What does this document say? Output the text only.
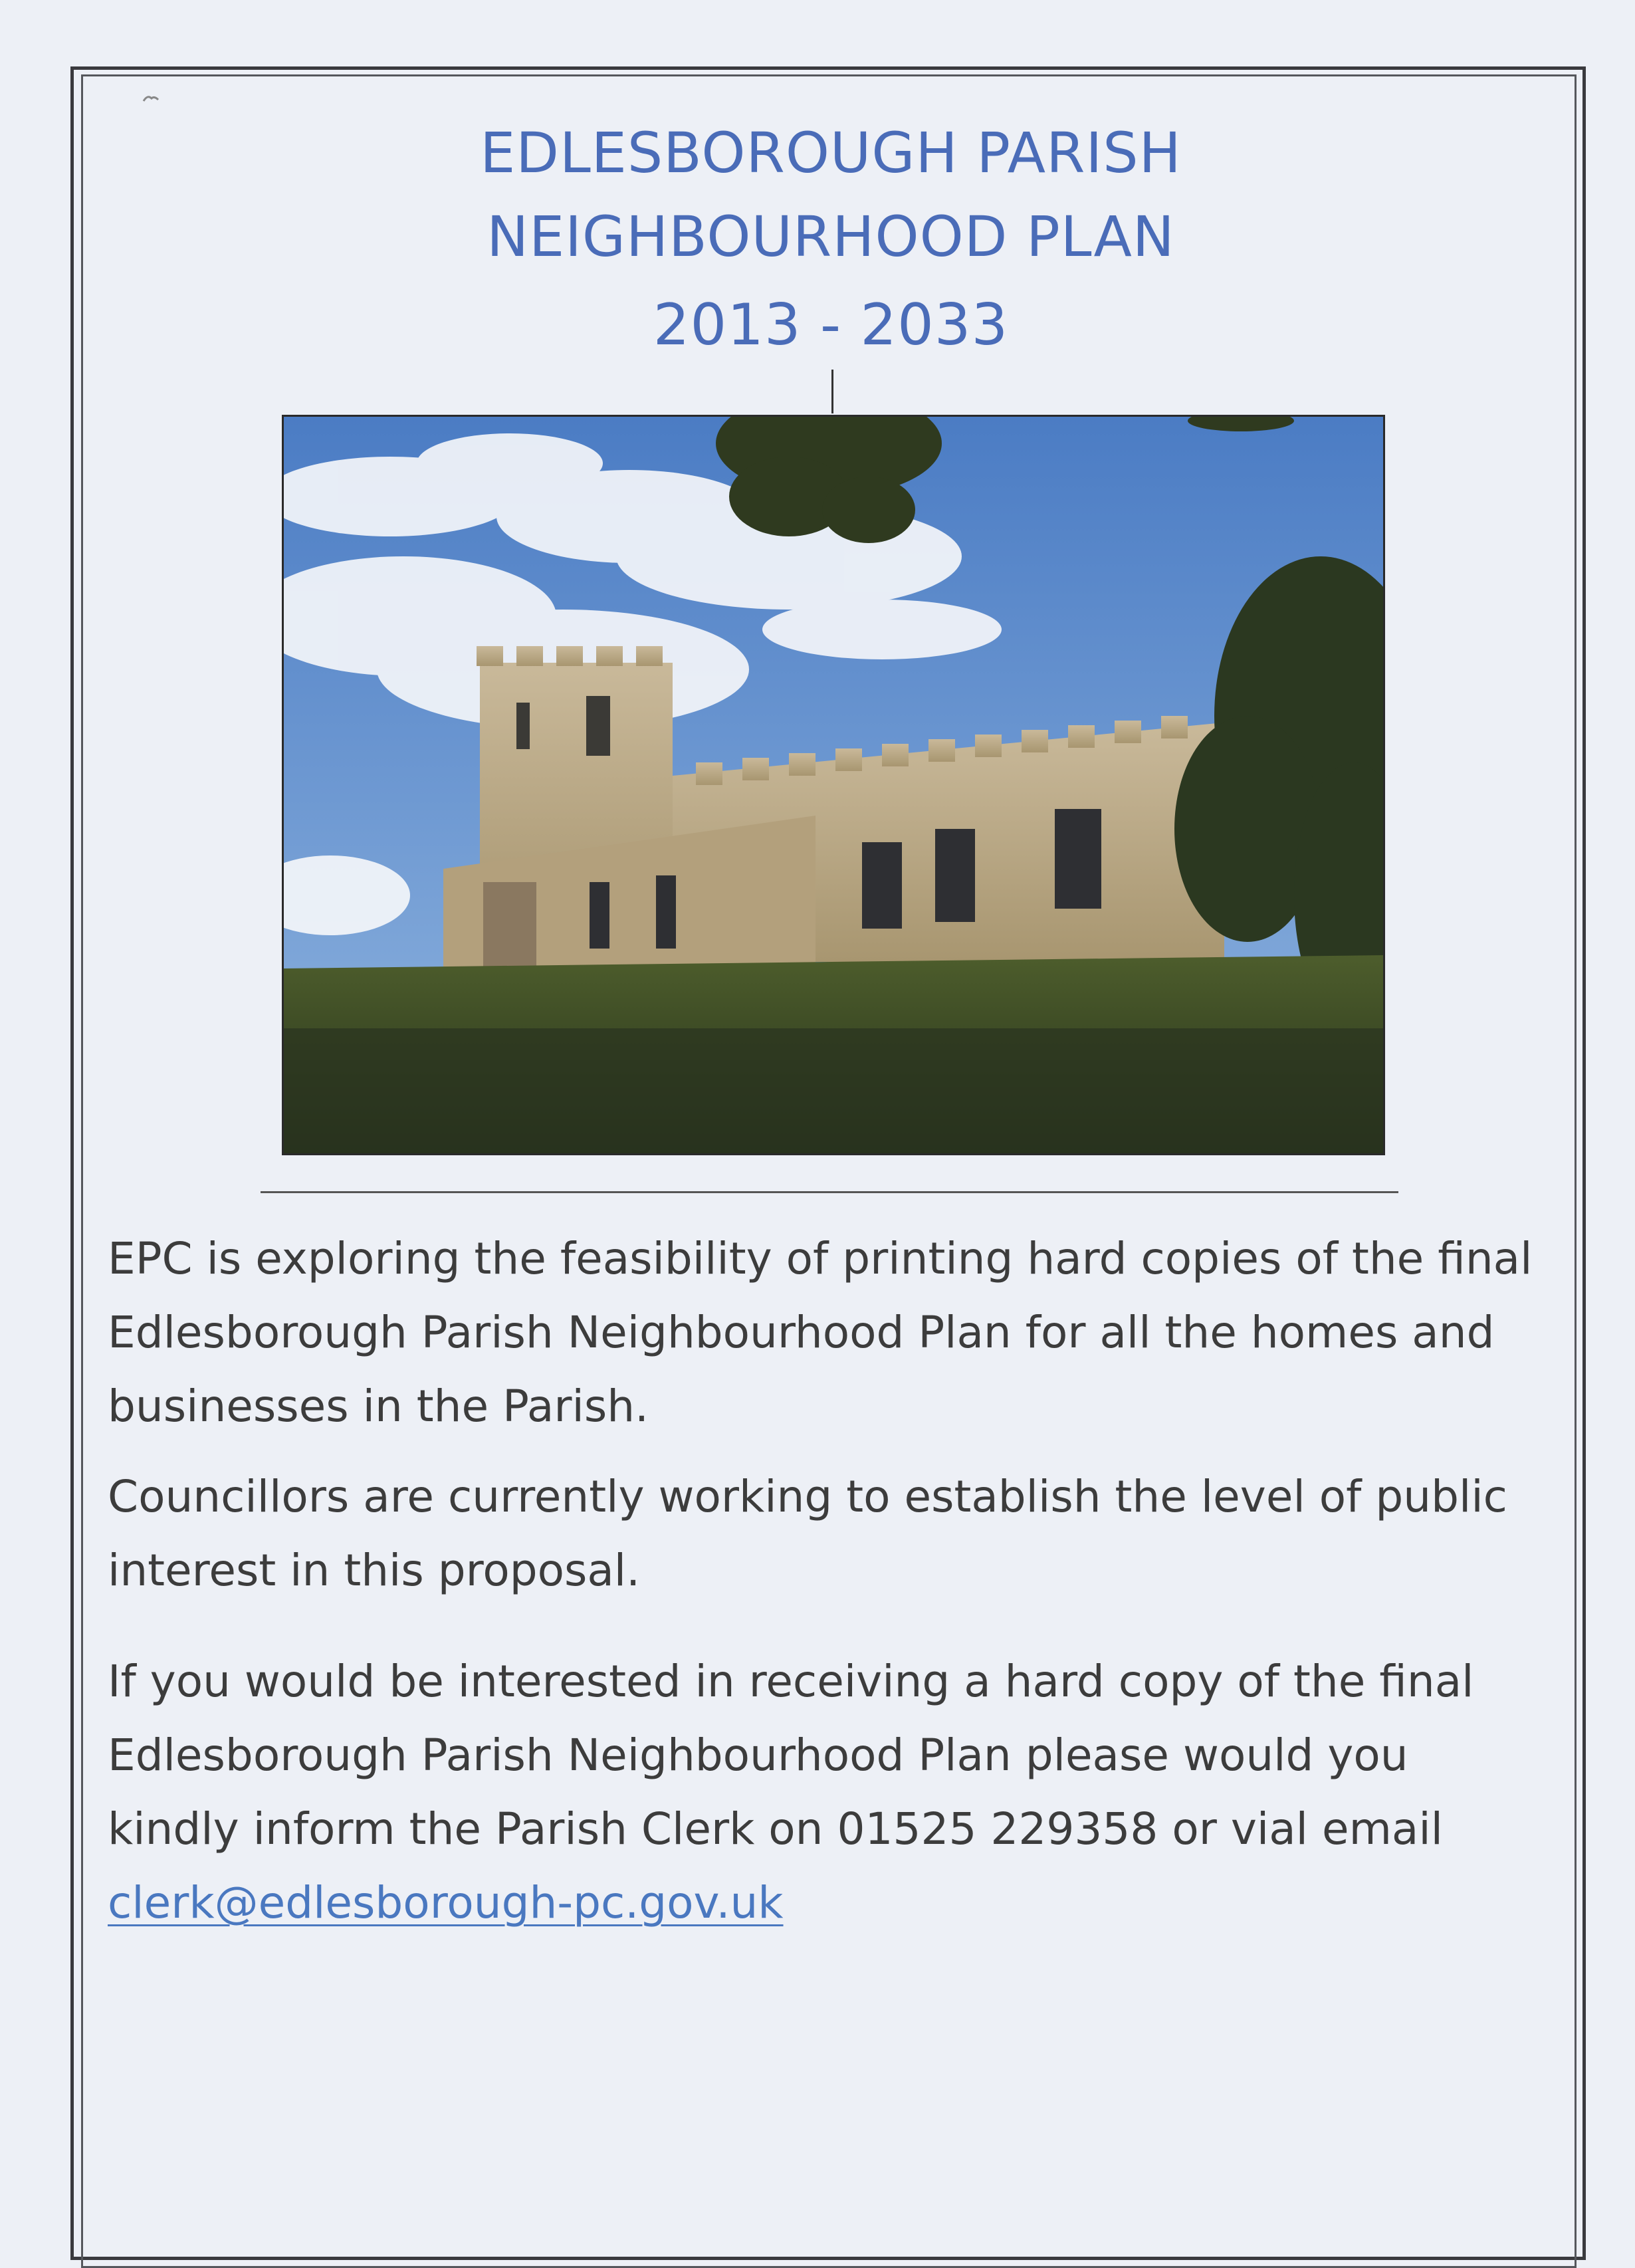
EDLESBOROUGH PARISH
NEIGHBOURHOOD PLAN
2013 - 2033
EPC is exploring the feasibility of printing hard copies of the final
Edlesborough Parish Neighbourhood Plan for all the homes and
businesses in the Parish.
Councillors are currently working to establish the level of public
interest in this proposal.
If you would be interested in receiving a hard copy of the final
Edlesborough Parish Neighbourhood Plan please would you
kindly inform the Parish Clerk on 01525 229358 or vial email
clerk@edlesborough-pc.gov.uk
